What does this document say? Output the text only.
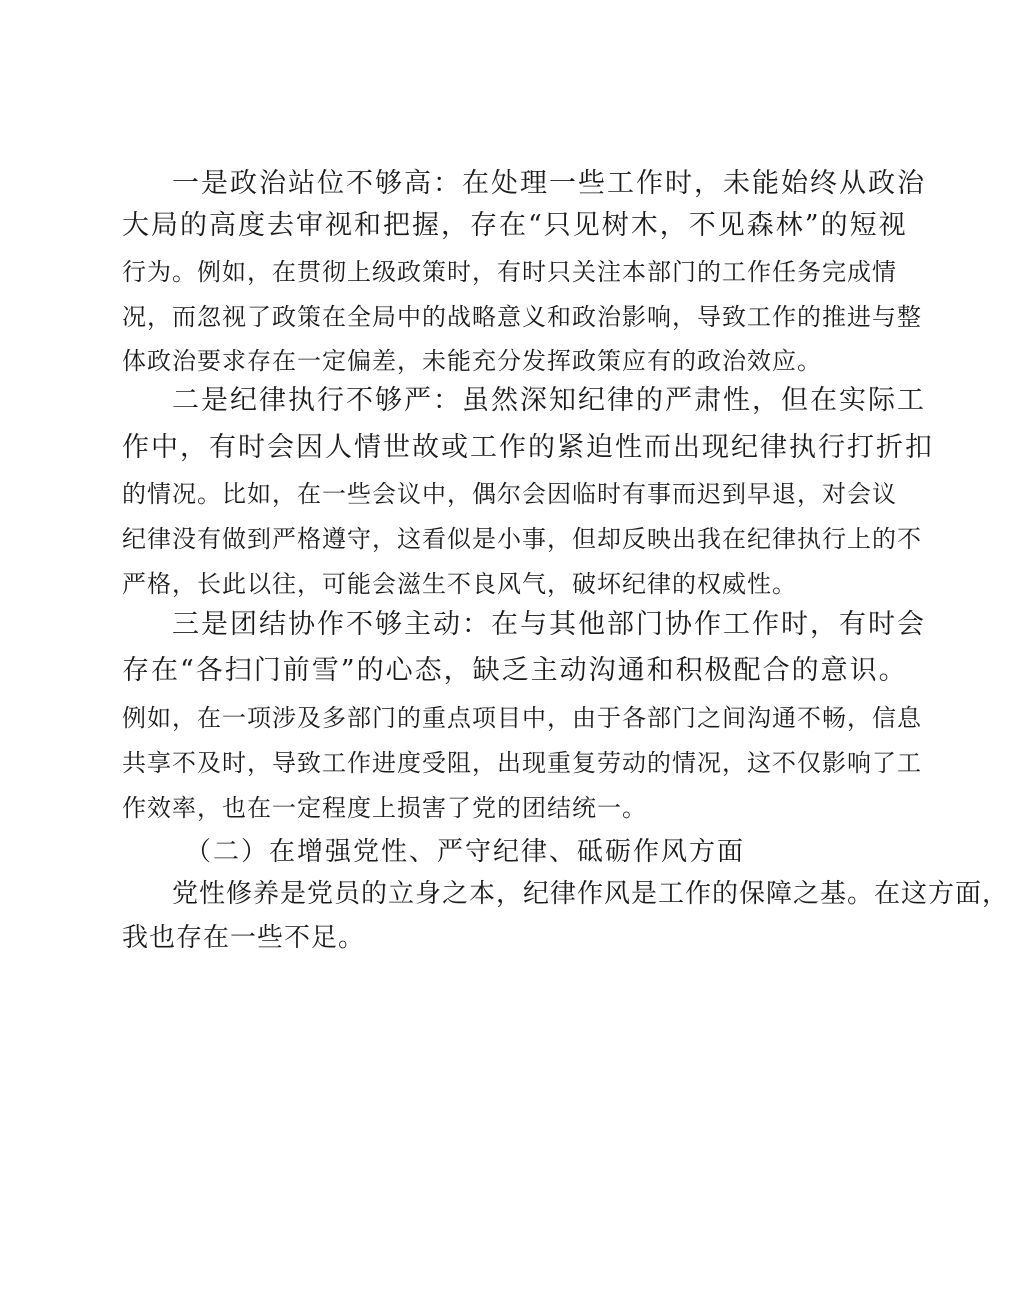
一是政治站位不够高：在处理一些工作时，未能始终从政治
大局的高度去审视和把握，存在“只见树木，不见森林”的短视
行为。例如，在贯彻上级政策时，有时只关注本部门的工作任务完成情
况，而忽视了政策在全局中的战略意义和政治影响，导致工作的推进与整
体政治要求存在一定偏差，未能充分发挥政策应有的政治效应。
二是纪律执行不够严：虽然深知纪律的严肃性，但在实际工
作中，有时会因人情世故或工作的紧迫性而出现纪律执行打折扣
的情况。比如，在一些会议中，偶尔会因临时有事而迟到早退，对会议
纪律没有做到严格遵守，这看似是小事，但却反映出我在纪律执行上的不
严格，长此以往，可能会滋生不良风气，破坏纪律的权威性。
三是团结协作不够主动：在与其他部门协作工作时，有时会
存在“各扫门前雪”的心态，缺乏主动沟通和积极配合的意识。
例如，在一项涉及多部门的重点项目中，由于各部门之间沟通不畅，信息
共享不及时，导致工作进度受阻，出现重复劳动的情况，这不仅影响了工
作效率，也在一定程度上损害了党的团结统一。
（二）在增强党性、严守纪律、砥砺作风方面
党性修养是党员的立身之本，纪律作风是工作的保障之基。在这方面，
我也存在一些不足。
